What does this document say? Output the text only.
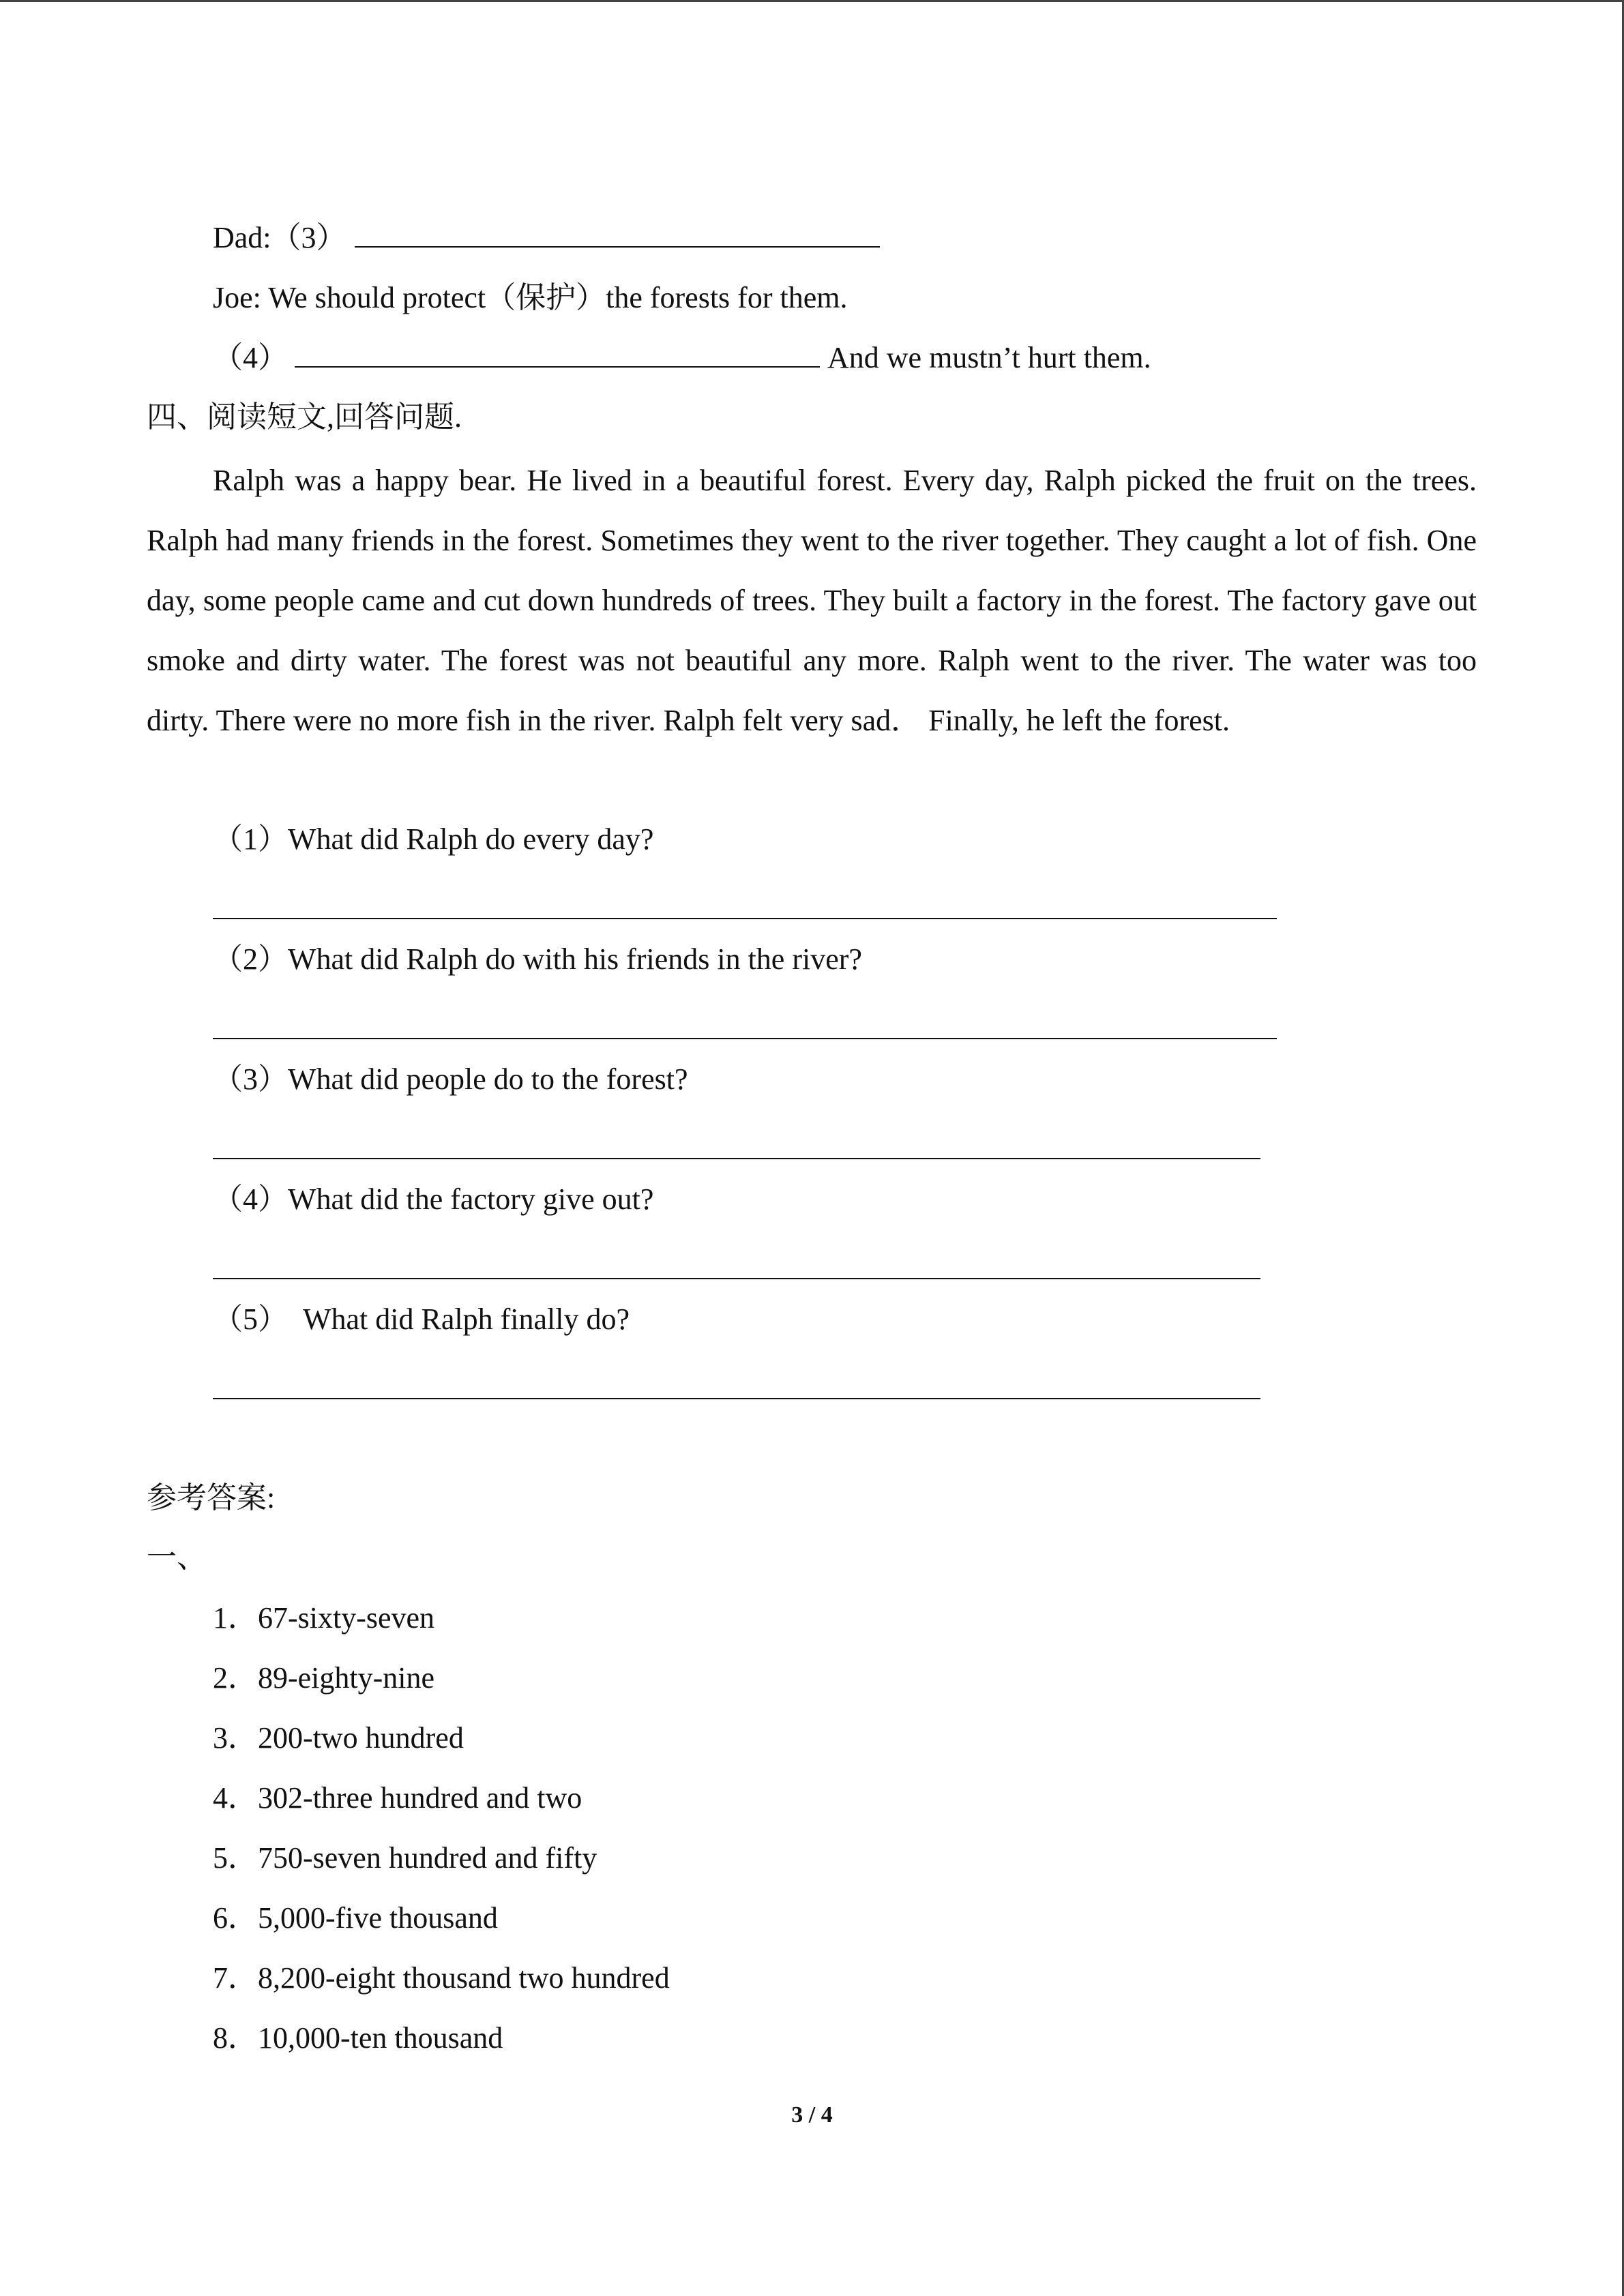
Dad:（3）
Joe: We should protect（保护）the forests for them.
（4）	And we mustn’t hurt them.
四、阅读短文,回答问题.
Ralph was a happy bear. He lived in a beautiful forest. Every day, Ralph picked the fruit on the trees. Ralph had many friends in the forest. Sometimes they went to the river together. They caught a lot of fish. One day, some people came and cut down hundreds of trees. They built a factory in the forest. The factory gave out smoke and dirty water. The forest was not beautiful any more. Ralph went to the river. The water was too dirty. There were no more fish in the river. Ralph felt very sad． Finally, he left the forest.
（1）What did Ralph do every day?
（2）What did Ralph do with his friends in the river?
（3）What did people do to the forest?
（4）What did the factory give out?
（5）  What did Ralph finally do?
参考答案:
一、
1．67-sixty-seven
2．89-eighty-nine
3．200-two hundred
4．302-three hundred and two
5．750-seven hundred and fifty
6．5,000-five thousand
7．8,200-eight thousand two hundred
8．10,000-ten thousand
3 / 4
